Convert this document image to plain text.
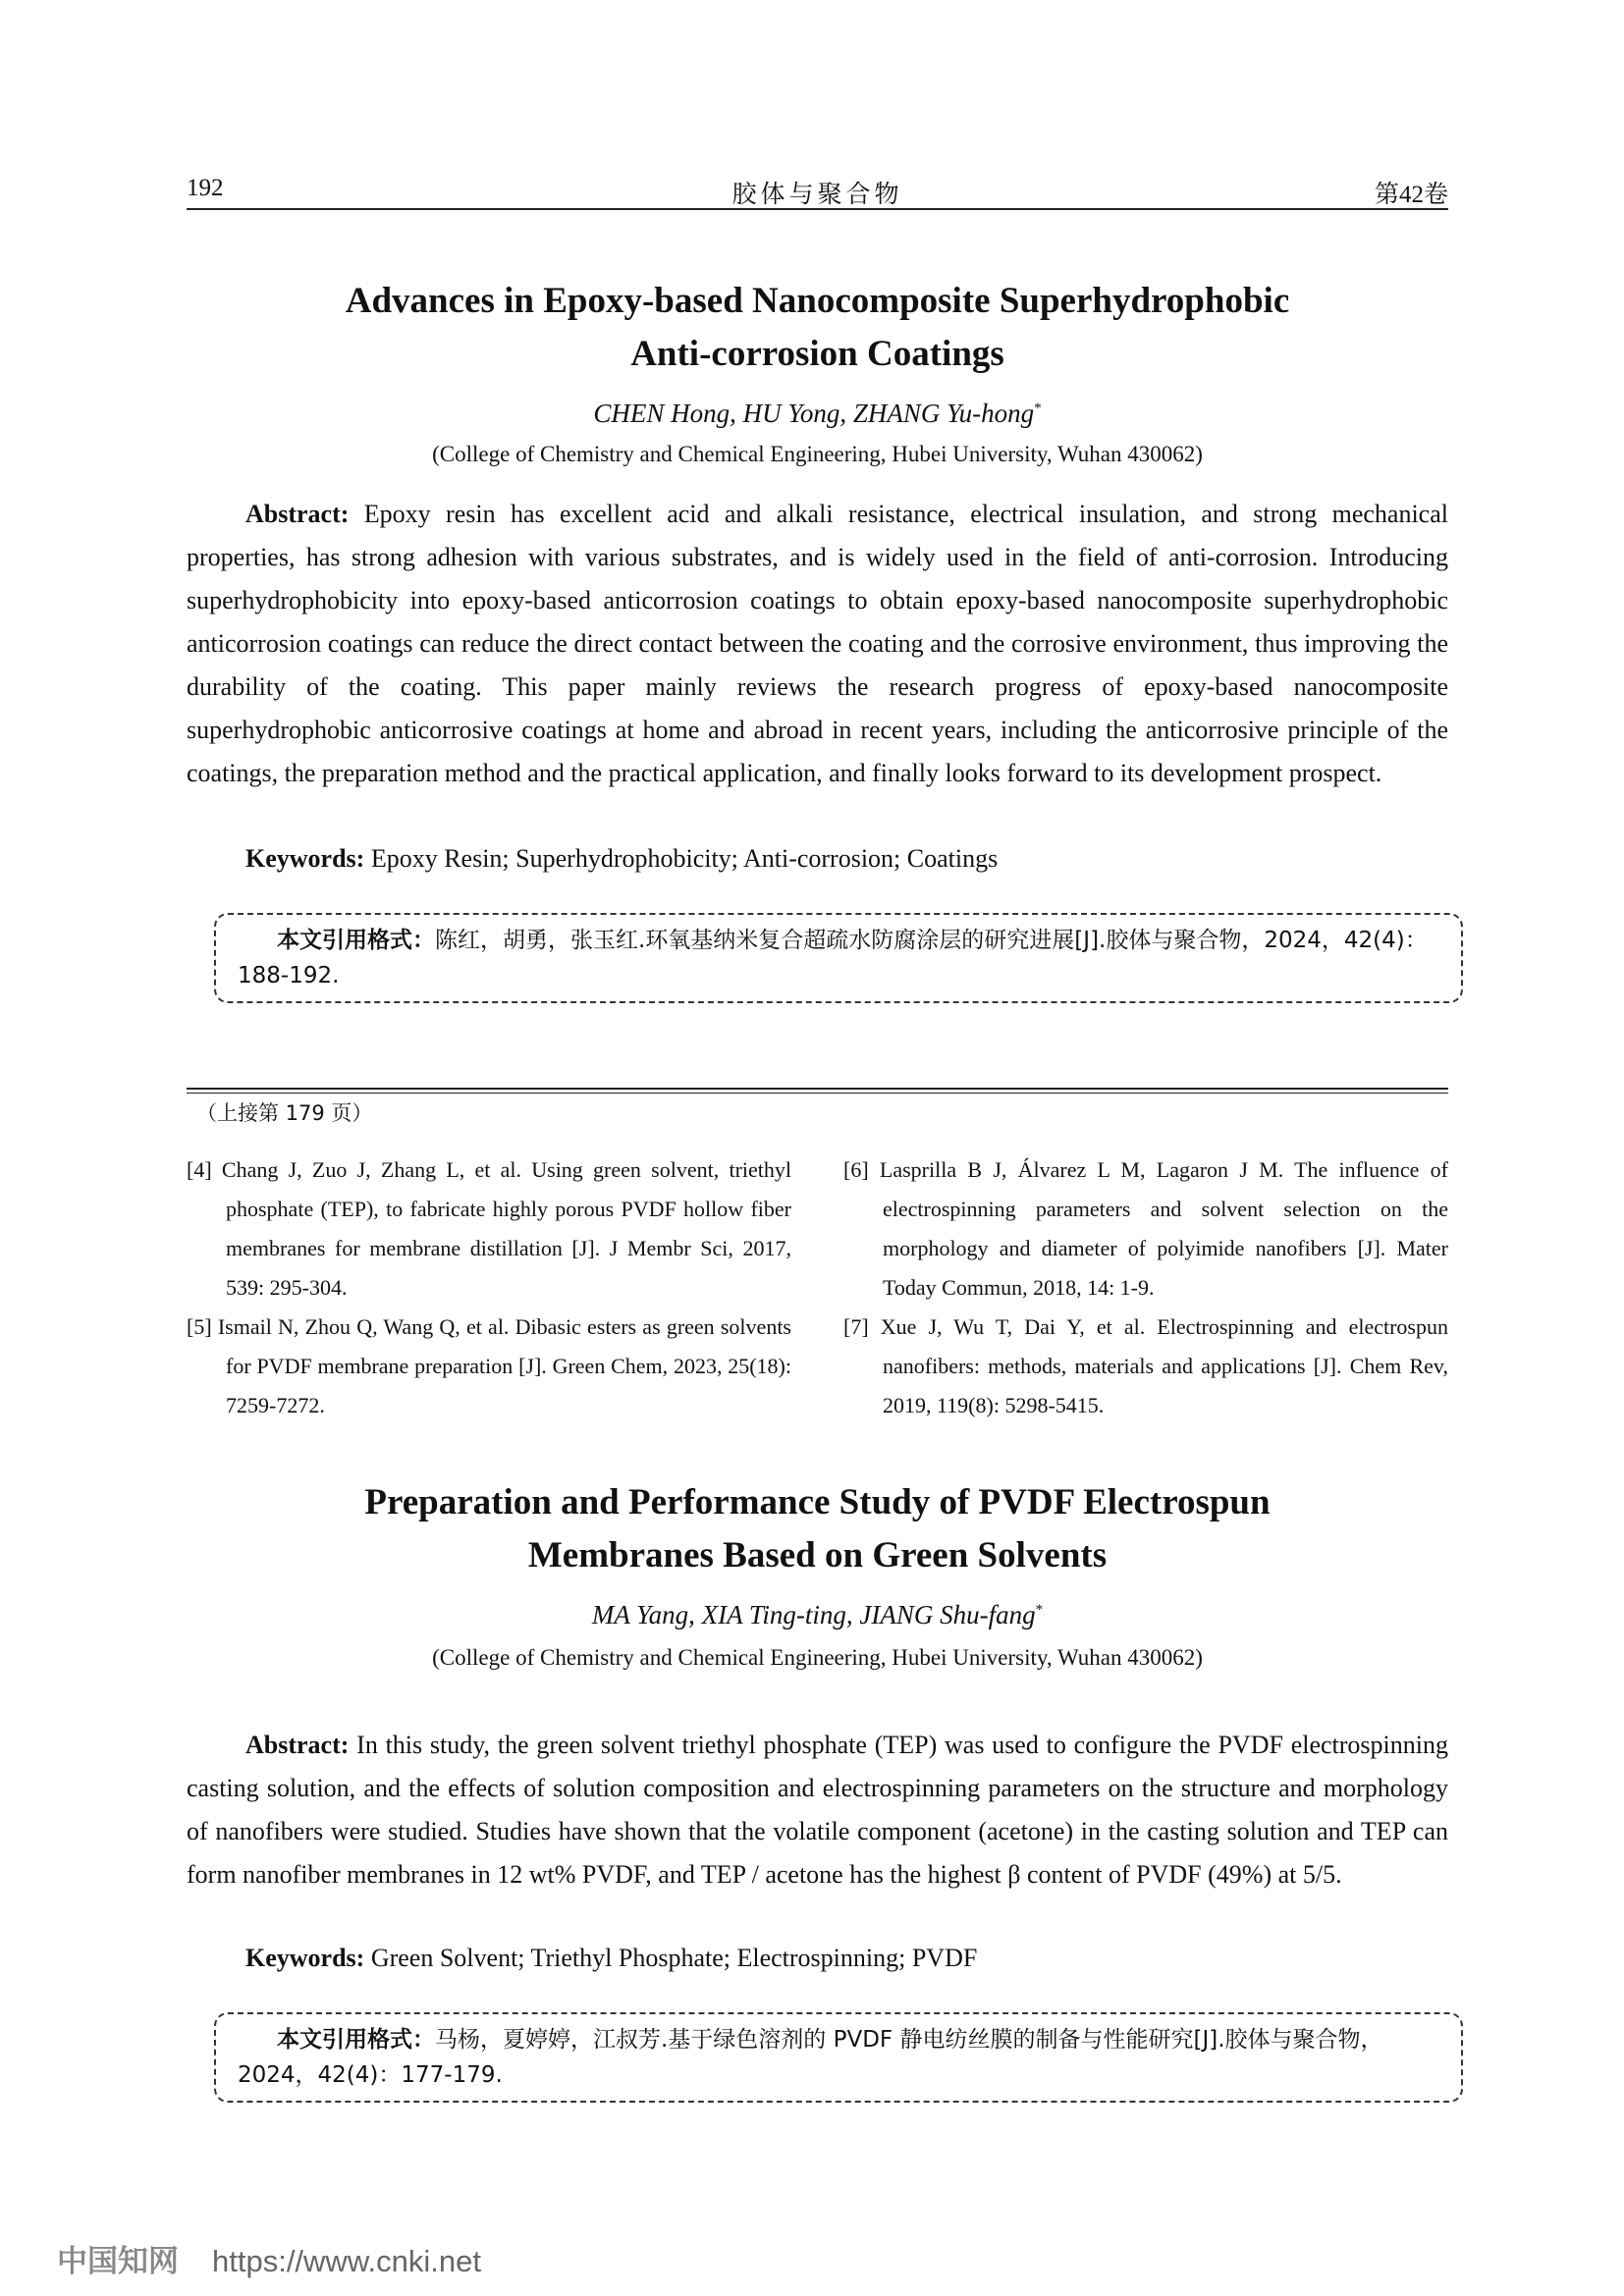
192	胶体与聚合物	第42卷
Advances in Epoxy-based Nanocomposite Superhydrophobic
Anti-corrosion Coatings
CHEN Hong, HU Yong, ZHANG Yu-hong*
(College of Chemistry and Chemical Engineering, Hubei University, Wuhan 430062)

Abstract: Epoxy resin has excellent acid and alkali resistance, electrical insulation, and strong mechanical properties, has strong adhesion with various substrates, and is widely used in the field of anti-corrosion. Introducing superhydrophobicity into epoxy-based anticorrosion coatings to obtain epoxy-based nanocomposite superhydrophobic anticorrosion coatings can reduce the direct contact between the coating and the corrosive environment, thus improving the durability of the coating. This paper mainly reviews the research progress of epoxy-based nanocomposite superhydrophobic anticorrosive coatings at home and abroad in recent years, including the anticorrosive principle of the coatings, the preparation method and the practical application, and finally looks forward to its development prospect.

Keywords: Epoxy Resin; Superhydrophobicity; Anti-corrosion; Coatings
本文引用格式：陈红，胡勇，张玉红.环氧基纳米复合超疏水防腐涂层的研究进展[J].胶体与聚合物，2024，42(4)：188-192.
（上接第 179 页）

[4] Chang J, Zuo J, Zhang L, et al. Using green solvent, triethyl phosphate (TEP), to fabricate highly porous PVDF hollow fiber membranes for membrane distillation [J]. J Membr Sci, 2017, 539: 295-304.

[5] Ismail N, Zhou Q, Wang Q, et al. Dibasic esters as green solvents for PVDF membrane preparation [J]. Green Chem, 2023, 25(18): 7259-7272.

[6] Lasprilla B J, Álvarez L M, Lagaron J M. The influence of electrospinning parameters and solvent selection on the morphology and diameter of polyimide nanofibers [J]. Mater Today Commun, 2018, 14: 1-9.

[7] Xue J, Wu T, Dai Y, et al. Electrospinning and electrospun nanofibers: methods, materials and applications [J]. Chem Rev, 2019, 119(8): 5298-5415.

Preparation and Performance Study of PVDF Electrospun
Membranes Based on Green Solvents
MA Yang, XIA Ting-ting, JIANG Shu-fang*
(College of Chemistry and Chemical Engineering, Hubei University, Wuhan 430062)

Abstract: In this study, the green solvent triethyl phosphate (TEP) was used to configure the PVDF electrospinning casting solution, and the effects of solution composition and electrospinning parameters on the structure and morphology of nanofibers were studied. Studies have shown that the volatile component (acetone) in the casting solution and TEP can form nanofiber membranes in 12 wt% PVDF, and TEP / acetone has the highest β content of PVDF (49%) at 5/5.

Keywords: Green Solvent; Triethyl Phosphate; Electrospinning; PVDF
本文引用格式：马杨，夏婷婷，江叔芳.基于绿色溶剂的 PVDF 静电纺丝膜的制备与性能研究[J].胶体与聚合物，2024，42(4)：177-179.
中国知网 https://www.cnki.net
